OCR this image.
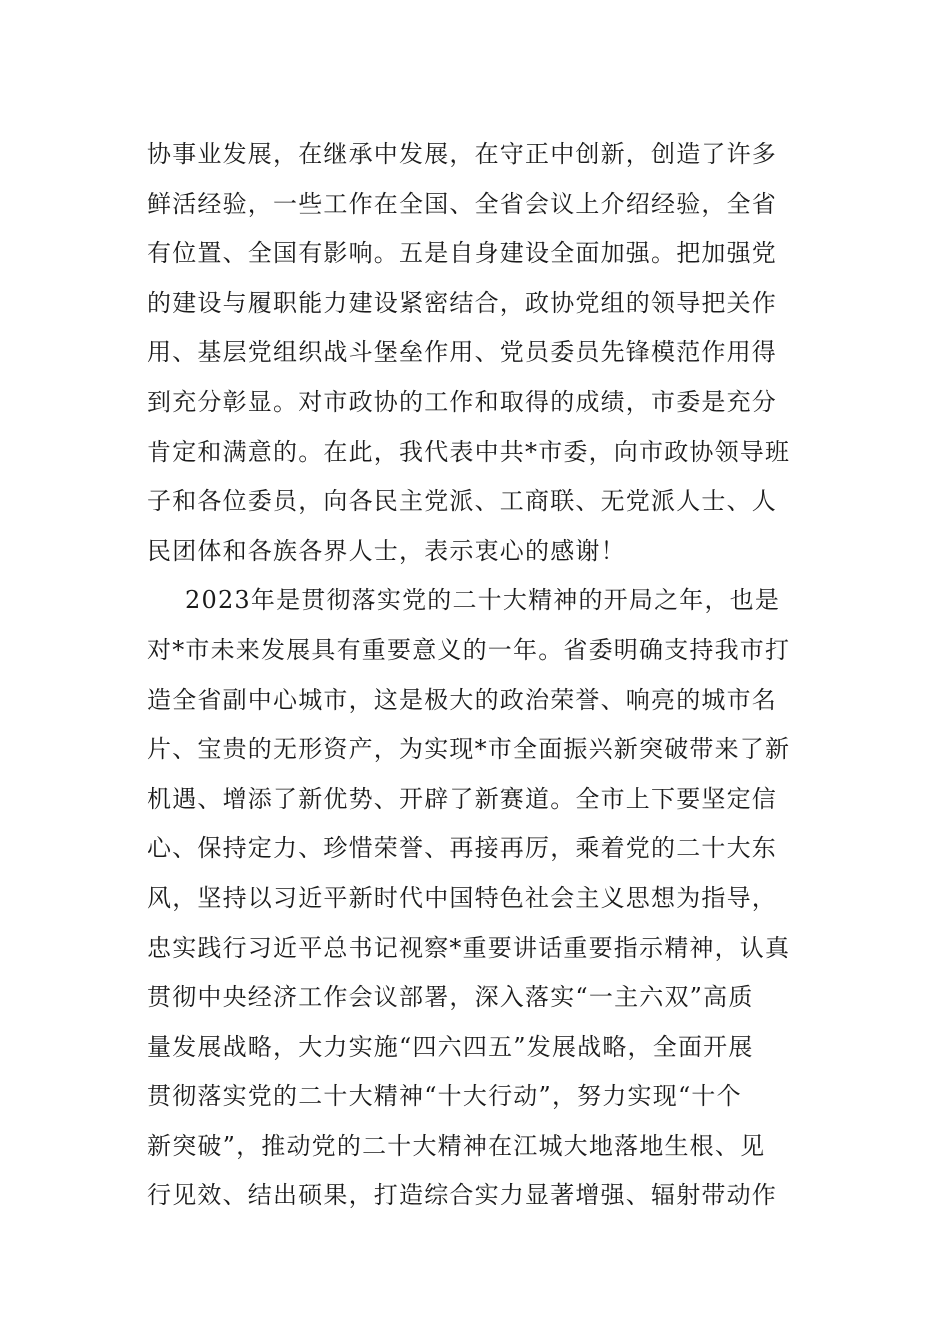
协事业发展，在继承中发展，在守正中创新，创造了许多
鲜活经验，一些工作在全国、全省会议上介绍经验，全省
有位置、全国有影响。五是自身建设全面加强。把加强党
的建设与履职能力建设紧密结合，政协党组的领导把关作
用、基层党组织战斗堡垒作用、党员委员先锋模范作用得
到充分彰显。对市政协的工作和取得的成绩，市委是充分
肯定和满意的。在此，我代表中共*市委，向市政协领导班
子和各位委员，向各民主党派、工商联、无党派人士、人
民团体和各族各界人士，表示衷心的感谢！
2023年是贯彻落实党的二十大精神的开局之年，也是
对*市未来发展具有重要意义的一年。省委明确支持我市打
造全省副中心城市，这是极大的政治荣誉、响亮的城市名
片、宝贵的无形资产，为实现*市全面振兴新突破带来了新
机遇、增添了新优势、开辟了新赛道。全市上下要坚定信
心、保持定力、珍惜荣誉、再接再厉，乘着党的二十大东
风，坚持以习近平新时代中国特色社会主义思想为指导，
忠实践行习近平总书记视察*重要讲话重要指示精神，认真
贯彻中央经济工作会议部署，深入落实“一主六双”高质
量发展战略，大力实施“四六四五”发展战略，全面开展
贯彻落实党的二十大精神“十大行动”，努力实现“十个
新突破”，推动党的二十大精神在江城大地落地生根、见
行见效、结出硕果，打造综合实力显著增强、辐射带动作
